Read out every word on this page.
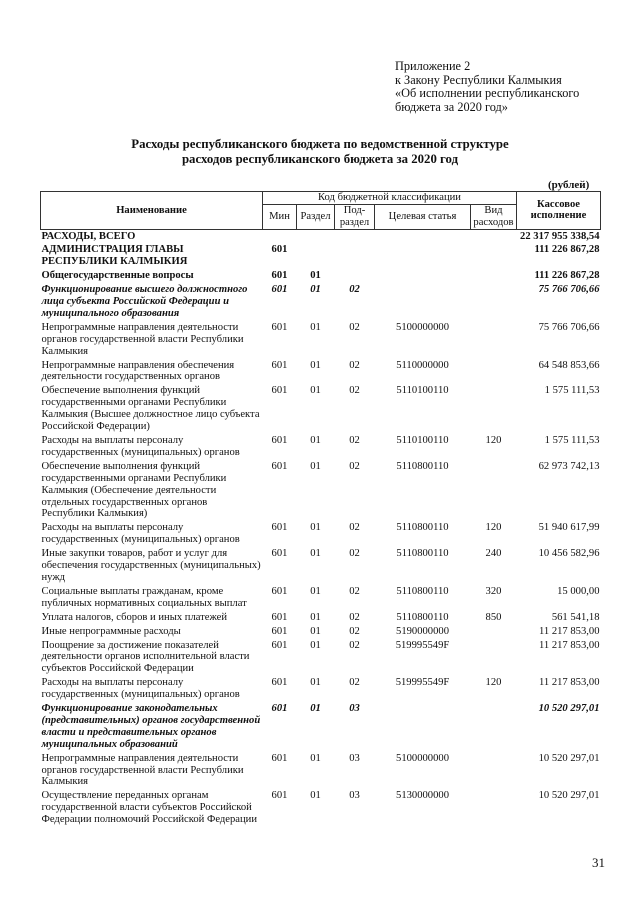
Приложение 2
к Закону Республики Калмыкия
«Об исполнении республиканского
бюджета за 2020 год»
Расходы республиканского бюджета по ведомственной структуре
расходов республиканского бюджета за 2020 год
(рублей)
Наименование	Код бюджетной классификации					Кассовое исполнение
	Мин	Раздел	Под-раздел	Целевая статья	Вид расходов	
РАСХОДЫ, ВСЕГО						22 317 955 338,54
АДМИНИСТРАЦИЯ ГЛАВЫ РЕСПУБЛИКИ КАЛМЫКИЯ	601					111 226 867,28
Общегосударственные вопросы	601	01				111 226 867,28
Функционирование высшего должностного лица субъекта Российской Федерации и муниципального образования	601	01	02			75 766 706,66
Непрограммные направления деятельности органов государственной власти Республики Калмыкия	601	01	02	5100000000		75 766 706,66
Непрограммные направления обеспечения деятельности государственных органов	601	01	02	5110000000		64 548 853,66
Обеспечение выполнения функций государственными органами Республики Калмыкия (Высшее должностное лицо субъекта Российской Федерации)	601	01	02	5110100110		1 575 111,53
Расходы на выплаты персоналу государственных (муниципальных) органов	601	01	02	5110100110	120	1 575 111,53
Обеспечение выполнения функций государственными органами Республики Калмыкия (Обеспечение деятельности отдельных государственных органов Республики Калмыкия)	601	01	02	5110800110		62 973 742,13
Расходы на выплаты персоналу государственных (муниципальных) органов	601	01	02	5110800110	120	51 940 617,99
Иные закупки товаров, работ и услуг для обеспечения государственных (муниципальных) нужд	601	01	02	5110800110	240	10 456 582,96
Социальные выплаты гражданам, кроме публичных нормативных социальных выплат	601	01	02	5110800110	320	15 000,00
Уплата налогов, сборов и иных платежей	601	01	02	5110800110	850	561 541,18
Иные непрограммные расходы	601	01	02	5190000000		11 217 853,00
Поощрение за достижение показателей деятельности органов исполнительной власти субъектов Российской Федерации	601	01	02	519995549F		11 217 853,00
Расходы на выплаты персоналу государственных (муниципальных) органов	601	01	02	519995549F	120	11 217 853,00
Функционирование законодательных (представительных) органов государственной власти и представительных органов муниципальных образований	601	01	03			10 520 297,01
Непрограммные направления деятельности органов государственной власти Республики Калмыкия	601	01	03	5100000000		10 520 297,01
Осуществление переданных органам государственной власти субъектов Российской Федерации полномочий Российской Федерации	601	01	03	5130000000		10 520 297,01
31
